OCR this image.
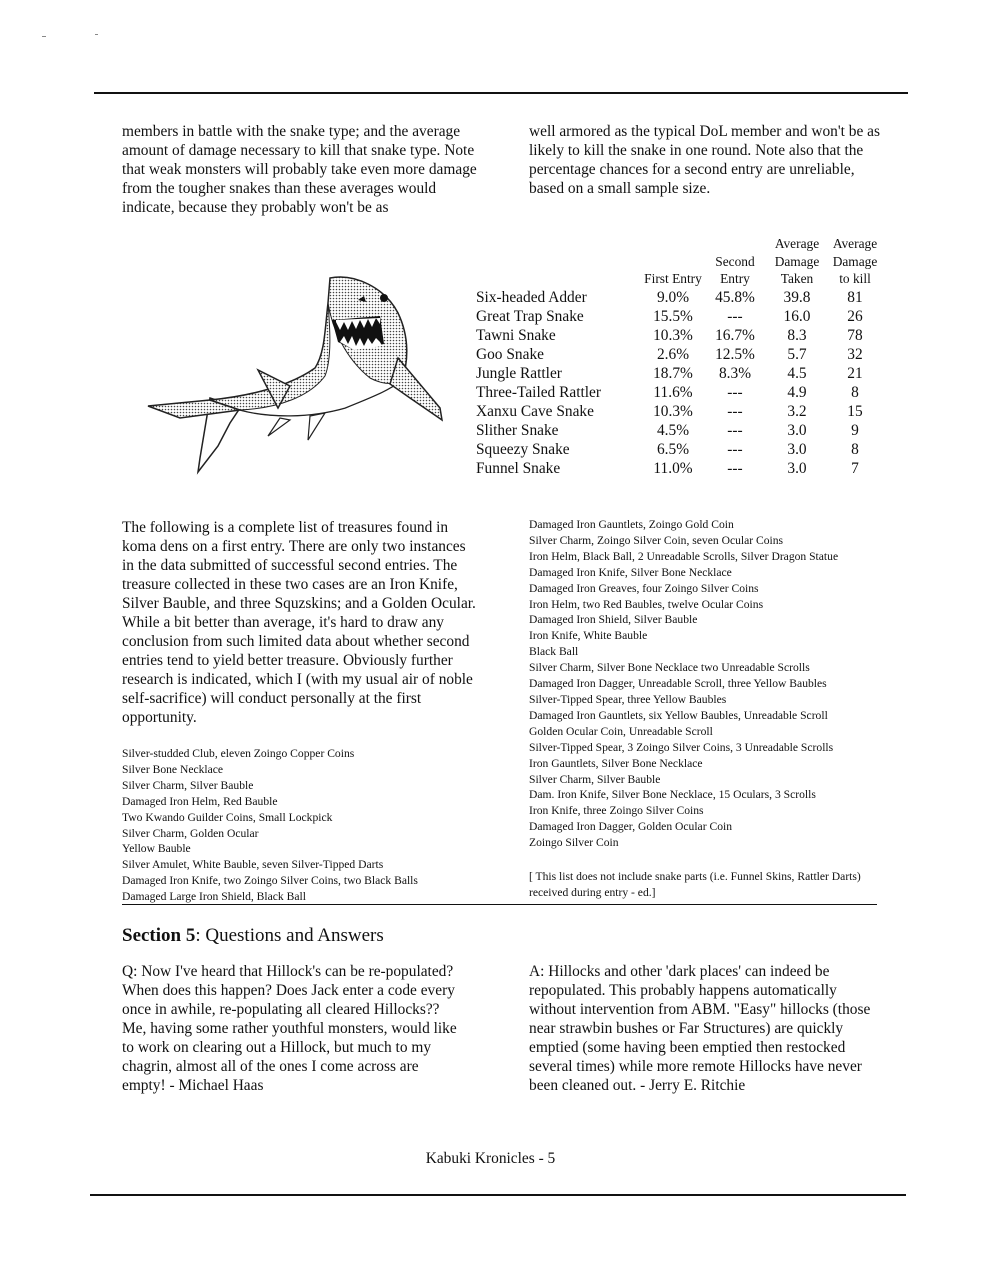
members in battle with the snake type; and the average amount of damage necessary to kill that snake type. Note that weak monsters will probably take even more damage from the tougher snakes than these averages would indicate, because they probably won't be as

well armored as the typical DoL member and won't be as likely to kill the snake in one round. Note also that the percentage chances for a second entry are unreliable, based on a small sample size.

	First Entry	Second Entry	Average Damage Taken	Average Damage to kill
Six-headed Adder	9.0%	45.8%	39.8	81
Great Trap Snake	15.5%	---	16.0	26
Tawni Snake	10.3%	16.7%	8.3	78
Goo Snake	2.6%	12.5%	5.7	32
Jungle Rattler	18.7%	8.3%	4.5	21
Three-Tailed Rattler	11.6%	---	4.9	8
Xanxu Cave Snake	10.3%	---	3.2	15
Slither Snake	4.5%	---	3.0	9
Squeezy Snake	6.5%	---	3.0	8
Funnel Snake	11.0%	---	3.0	7

The following is a complete list of treasures found in koma dens on a first entry. There are only two instances in the data submitted of successful second entries. The treasure collected in these two cases are an Iron Knife, Silver Bauble, and three Squzskins; and a Golden Ocular. While a bit better than average, it's hard to draw any conclusion from such limited data about whether second entries tend to yield better treasure. Obviously further research is indicated, which I (with my usual air of noble self-sacrifice) will conduct personally at the first opportunity.

Silver-studded Club, eleven Zoingo Copper Coins
Silver Bone Necklace
Silver Charm, Silver Bauble
Damaged Iron Helm, Red Bauble
Two Kwando Guilder Coins, Small Lockpick
Silver Charm, Golden Ocular
Yellow Bauble
Silver Amulet, White Bauble, seven Silver-Tipped Darts
Damaged Iron Knife, two Zoingo Silver Coins, two Black Balls
Damaged Large Iron Shield, Black Ball
Damaged Iron Gauntlets, Zoingo Gold Coin
Silver Charm, Zoingo Silver Coin, seven Ocular Coins
Iron Helm, Black Ball, 2 Unreadable Scrolls, Silver Dragon Statue
Damaged Iron Knife, Silver Bone Necklace
Damaged Iron Greaves, four Zoingo Silver Coins
Iron Helm, two Red Baubles, twelve Ocular Coins
Damaged Iron Shield, Silver Bauble
Iron Knife, White Bauble
Black Ball
Silver Charm, Silver Bone Necklace two Unreadable Scrolls
Damaged Iron Dagger, Unreadable Scroll, three Yellow Baubles
Silver-Tipped Spear, three Yellow Baubles
Damaged Iron Gauntlets, six Yellow Baubles, Unreadable Scroll
Golden Ocular Coin, Unreadable Scroll
Silver-Tipped Spear, 3 Zoingo Silver Coins, 3 Unreadable Scrolls
Iron Gauntlets, Silver Bone Necklace
Silver Charm, Silver Bauble
Dam. Iron Knife, Silver Bone Necklace, 15 Oculars, 3 Scrolls
Iron Knife, three Zoingo Silver Coins
Damaged Iron Dagger, Golden Ocular Coin
Zoingo Silver Coin
[ This list does not include snake parts (i.e. Funnel Skins, Rattler Darts) received during entry - ed.]
Section 5: Questions and Answers

Q: Now I've heard that Hillock's can be re-populated? When does this happen? Does Jack enter a code every once in awhile, re-populating all cleared Hillocks?? Me, having some rather youthful monsters, would like to work on clearing out a Hillock, but much to my chagrin, almost all of the ones I come across are empty! - Michael Haas

A: Hillocks and other 'dark places' can indeed be repopulated. This probably happens automatically without intervention from ABM. "Easy" hillocks (those near strawbin bushes or Far Structures) are quickly emptied (some having been emptied then restocked several times) while more remote Hillocks have never been cleaned out. - Jerry E. Ritchie

Kabuki Kronicles - 5
